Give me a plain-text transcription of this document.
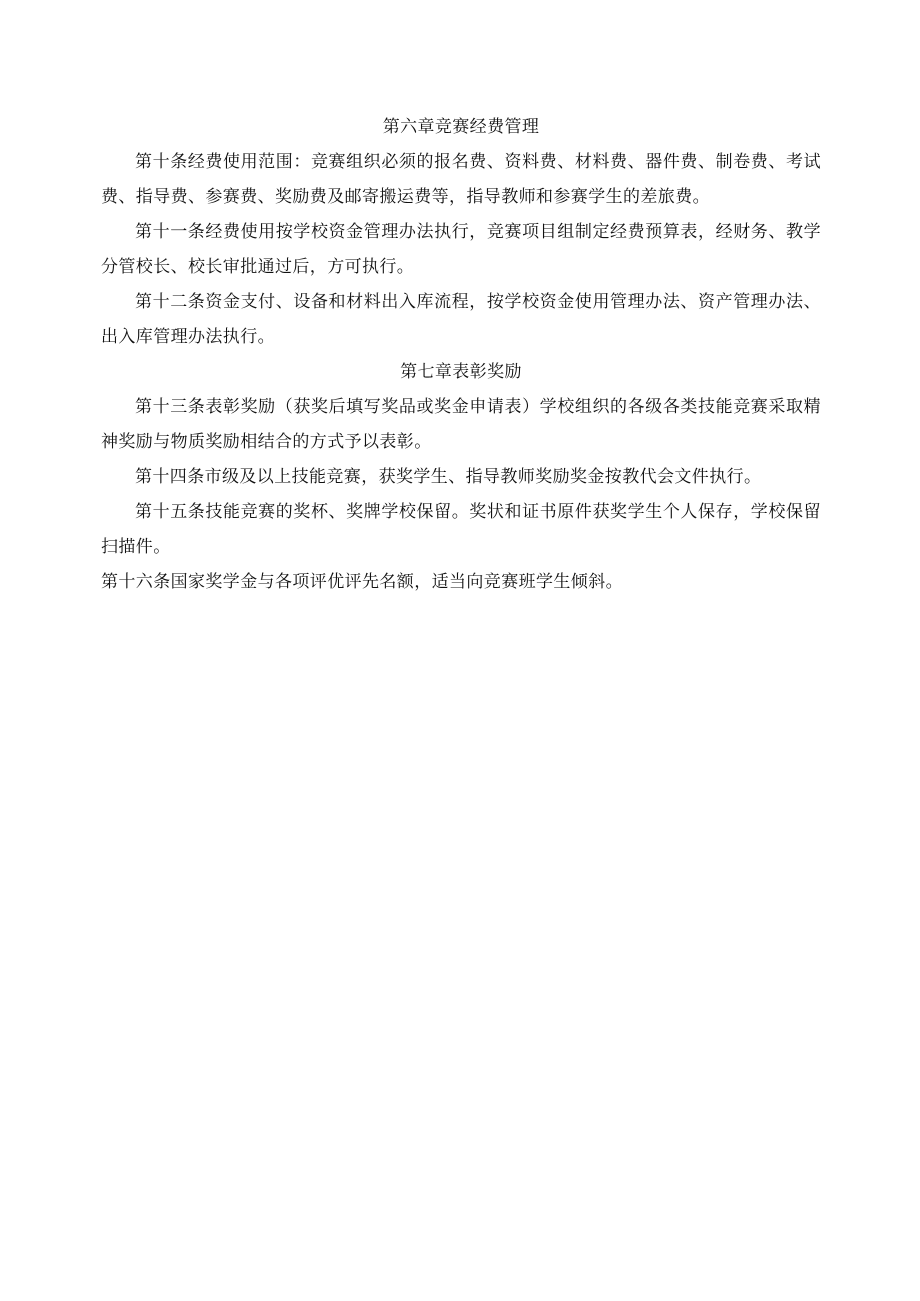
第六章竞赛经费管理

第十条经费使用范围：竞赛组织必须的报名费、资料费、材料费、器件费、制卷费、考试费、指导费、参赛费、奖励费及邮寄搬运费等，指导教师和参赛学生的差旅费。

第十一条经费使用按学校资金管理办法执行，竞赛项目组制定经费预算表，经财务、教学分管校长、校长审批通过后，方可执行。

第十二条资金支付、设备和材料出入库流程，按学校资金使用管理办法、资产管理办法、出入库管理办法执行。

第七章表彰奖励

第十三条表彰奖励（获奖后填写奖品或奖金申请表）学校组织的各级各类技能竞赛采取精神奖励与物质奖励相结合的方式予以表彰。

第十四条市级及以上技能竞赛，获奖学生、指导教师奖励奖金按教代会文件执行。

第十五条技能竞赛的奖杯、奖牌学校保留。奖状和证书原件获奖学生个人保存，学校保留扫描件。

第十六条国家奖学金与各项评优评先名额，适当向竞赛班学生倾斜。
